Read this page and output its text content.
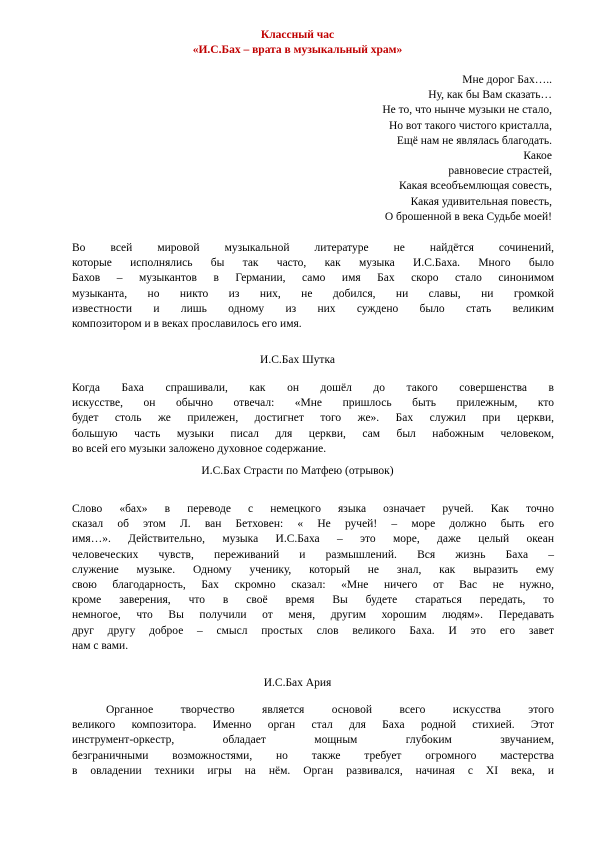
Классный час
«И.С.Бах – врата в музыкальный храм»
Мне дорог Бах…..
Ну, как бы Вам сказать…
Не то, что нынче музыки не стало,
Но вот такого чистого кристалла,
Ещё нам не являлась благодать.
Какое
равновесие страстей,
Какая всеобъемлющая совесть,
Какая удивительная повесть,
О брошенной в века Судьбе моей!
Во всей мировой музыкальной литературе не найдётся сочинений,
которые исполнялись бы так часто, как музыка И.С.Баха. Много было
Бахов – музыкантов в Германии, само имя Бах скоро стало синонимом
музыканта, но никто из них, не добился, ни славы, ни громкой
известности и лишь одному из них суждено было стать великим
композитором и в веках прославилось его имя.
И.С.Бах Шутка
Когда Баха спрашивали, как он дошёл до такого совершенства в
искусстве, он обычно отвечал: «Мне пришлось быть прилежным, кто
будет столь же прилежен, достигнет того же». Бах служил при церкви,
большую часть музыки писал для церкви, сам был набожным человеком,
во всей его музыки заложено духовное содержание.
И.С.Бах Страсти по Матфею (отрывок)
Слово «бах» в переводе с немецкого языка означает ручей. Как точно
сказал об этом Л. ван Бетховен: « Не ручей! – море должно быть его
имя…». Действительно, музыка И.С.Баха – это море, даже целый океан
человеческих чувств, переживаний и размышлений. Вся жизнь Баха –
служение музыке. Одному ученику, который не знал, как выразить ему
свою благодарность, Бах скромно сказал: «Мне ничего от Вас не нужно,
кроме заверения, что в своё время Вы будете стараться передать, то
немногое, что Вы получили от меня, другим хорошим людям». Передавать
друг другу доброе – смысл простых слов великого Баха. И это его завет
нам с вами.
И.С.Бах Ария
Органное творчество является основой всего искусства этого
великого композитора. Именно орган стал для Баха родной стихией. Этот
инструмент-оркестр, обладает мощным глубоким звучанием,
безграничными возможностями, но также требует огромного мастерства
в овладении техники игры на нём. Орган развивался, начиная с XI века, и
